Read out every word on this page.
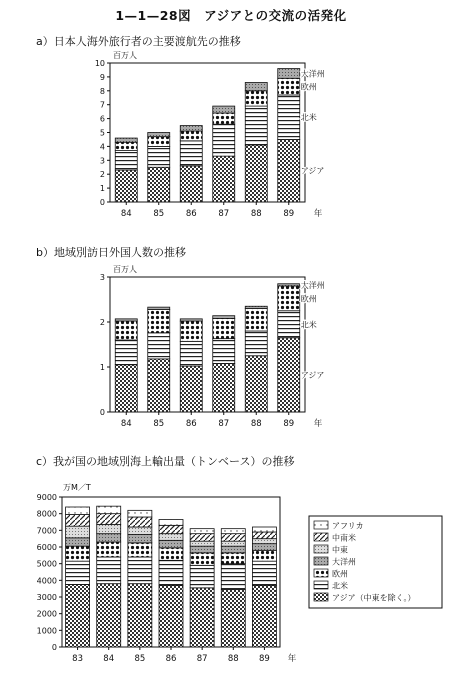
1—1—28図　アジアとの交流の活発化
a）日本人海外旅行者の主要渡航先の推移
b）地域別訪日外国人数の推移
c）我が国の地域別海上輸出量（トンベース）の推移
0
1
2
3
4
5
6
7
8
9
10
百万人
84	85	86	87	88	89 年
大洋州
欧州
北米
アジア
0
1
2
3
百万人
84	85	86	87	88	89 年
大洋州
欧州
北米
アジア
0
1000
2000
3000
4000
5000
6000
7000
8000
9000
万M／T
83 84 85 86 87 88 89 年
アフリカ
中南米
中東
大洋州
欧州
北米
アジア（中東を除く。）
